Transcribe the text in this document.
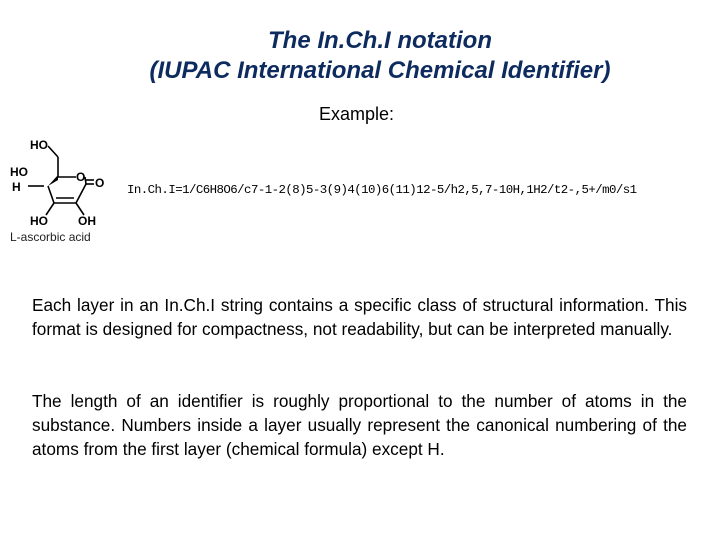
The In.Ch.I notation
(IUPAC International Chemical Identifier)
Example:
HO
HO
H
O O
HO	OH
L-ascorbic acid
In.Ch.I=1/C6H8O6/c7-1-2(8)5-3(9)4(10)6(11)12-5/h2,5,7-10H,1H2/t2-,5+/m0/s1
Each layer in an In.Ch.I string contains a specific class of structural information. This format is designed for compactness, not readability, but can be interpreted manually.
The length of an identifier is roughly proportional to the number of atoms in the substance. Numbers inside a layer usually represent the canonical numbering of the atoms from the first layer (chemical formula) except H.
